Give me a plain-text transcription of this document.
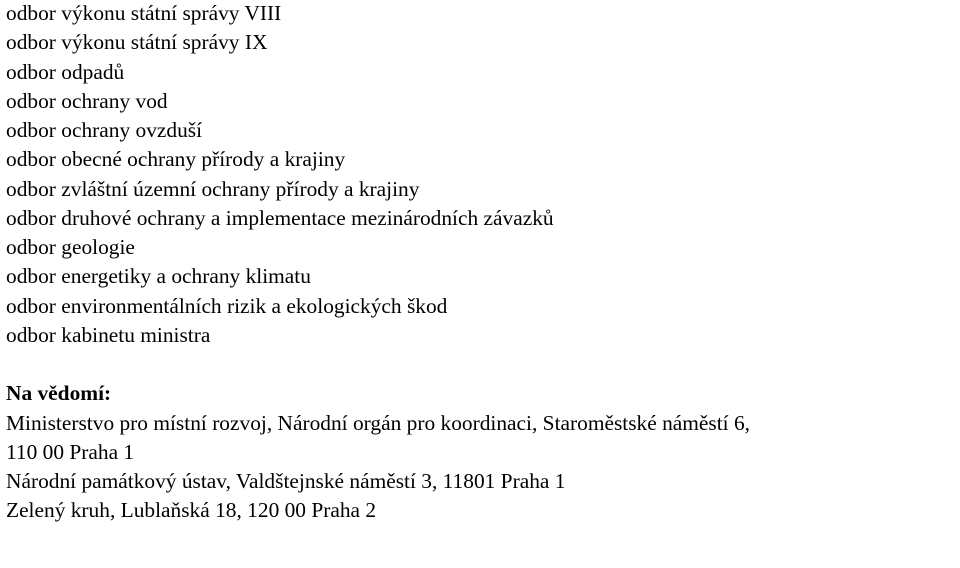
odbor výkonu státní správy VIII
odbor výkonu státní správy IX
odbor odpadů
odbor ochrany vod
odbor ochrany ovzduší
odbor obecné ochrany přírody a krajiny
odbor zvláštní územní ochrany přírody a krajiny
odbor druhové ochrany a implementace mezinárodních závazků
odbor geologie
odbor energetiky a ochrany klimatu
odbor environmentálních rizik a ekologických škod
odbor kabinetu ministra
Na vědomí:
Ministerstvo pro místní rozvoj, Národní orgán pro koordinaci, Staroměstské náměstí 6,
110 00 Praha 1
Národní památkový ústav, Valdštejnské náměstí 3, 11801 Praha 1
Zelený kruh, Lublaňská 18, 120 00 Praha 2
